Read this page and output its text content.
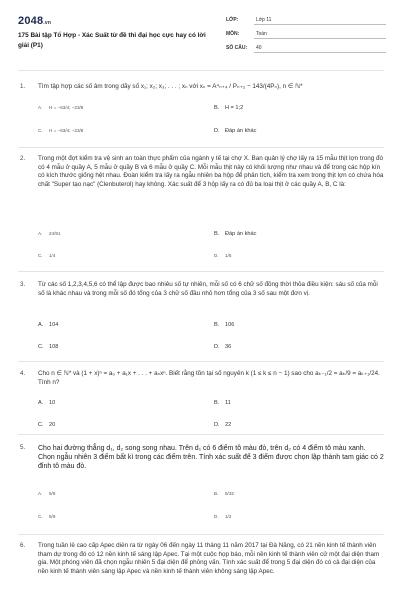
2048.vn
175 Bài tập Tổ Hợp - Xác Suất từ đề thi đại học cực hay có lời giải (P1)
LỚP:	Lớp 11
MÔN:	Toán
SỐ CÂU: 40
1. Tìm tập hợp các số âm trong dãy số x₁; x₂; x₃; . . . ; xₙ với xₙ = A⁴ₙ₊₄ / Pₙ₊₂ − 143/(4Pₙ), n ∈ ℕ*
A. H = −63/4; −23/8	B. H = 1;2
C. H = −63/4; −23/8	D. Đáp án khác
2. Trong một đợt kiểm tra vệ sinh an toàn thực phẩm của ngành y tế tại chợ X. Ban quản lý chợ lấy ra 15 mẫu thịt lợn trong đó có 4 mẫu ở quầy A, 5 mẫu ở quầy B và 6 mẫu ở quầy C. Mỗi mẫu thịt này có khối lượng như nhau và để trong các hộp kín có kích thước giống hệt nhau. Đoàn kiểm tra lấy ra ngẫu nhiên ba hộp để phân tích, kiểm tra xem trong thịt lợn có chứa hóa chất "Super tạo nạc" (Clenbuterol) hay không. Xác suất để 3 hộp lấy ra có đủ ba loại thịt ở các quầy A, B, C là:
A. 24/91	B. Đáp án khác
C. 1/4	D. 1/5
3. Từ các số 1,2,3,4,5,6 có thể lập được bao nhiêu số tự nhiên, mỗi số có 6 chữ số đồng thời thỏa điều kiện: sáu số của mỗi số là khác nhau và trong mỗi số đó tổng của 3 chữ số đầu nhỏ hơn tổng của 3 số sau một đơn vị.
A. 104	B. 106
C. 108	D. 36
4. Cho n ∈ ℕ* và (1 + x)ⁿ = a₀ + a₁x + . . . + aₙxⁿ. Biết rằng tồn tại số nguyên k (1 ≤ k ≤ n − 1) sao cho aₖ₋₁/2 = aₖ/9 = aₖ₊₁/24. Tính n?
A. 10	B. 11
C. 20	D. 22
5. Cho hai đường thẳng d₁, d₂ song song nhau. Trên d₁ có 6 điểm tô màu đỏ, trên d₂ có 4 điểm tô màu xanh. Chọn ngẫu nhiên 3 điểm bất kì trong các điểm trên. Tính xác suất để 3 điểm được chọn lập thành tam giác có 2 đỉnh tô màu đỏ.
A. 5/8	B. 5/32
C. 5/9	D. 1/2
6. Trong tuần lễ cao cấp Apec diễn ra từ ngày 06 đến ngày 11 tháng 11 năm 2017 tại Đà Nẵng, có 21 nền kinh tế thành viên tham dự trong đó có 12 nền kinh tế sáng lập Apec. Tại một cuộc họp báo, mỗi nền kinh tế thành viên cử một đại diện tham gia. Một phóng viên đã chọn ngẫu nhiên 5 đại diện để phỏng vấn. Tính xác suất để trong 5 đại diện đó có cả đại diện của nền kinh tế thành viên sáng lập Apec và nền kinh tế thành viên không sáng lập Apec.
